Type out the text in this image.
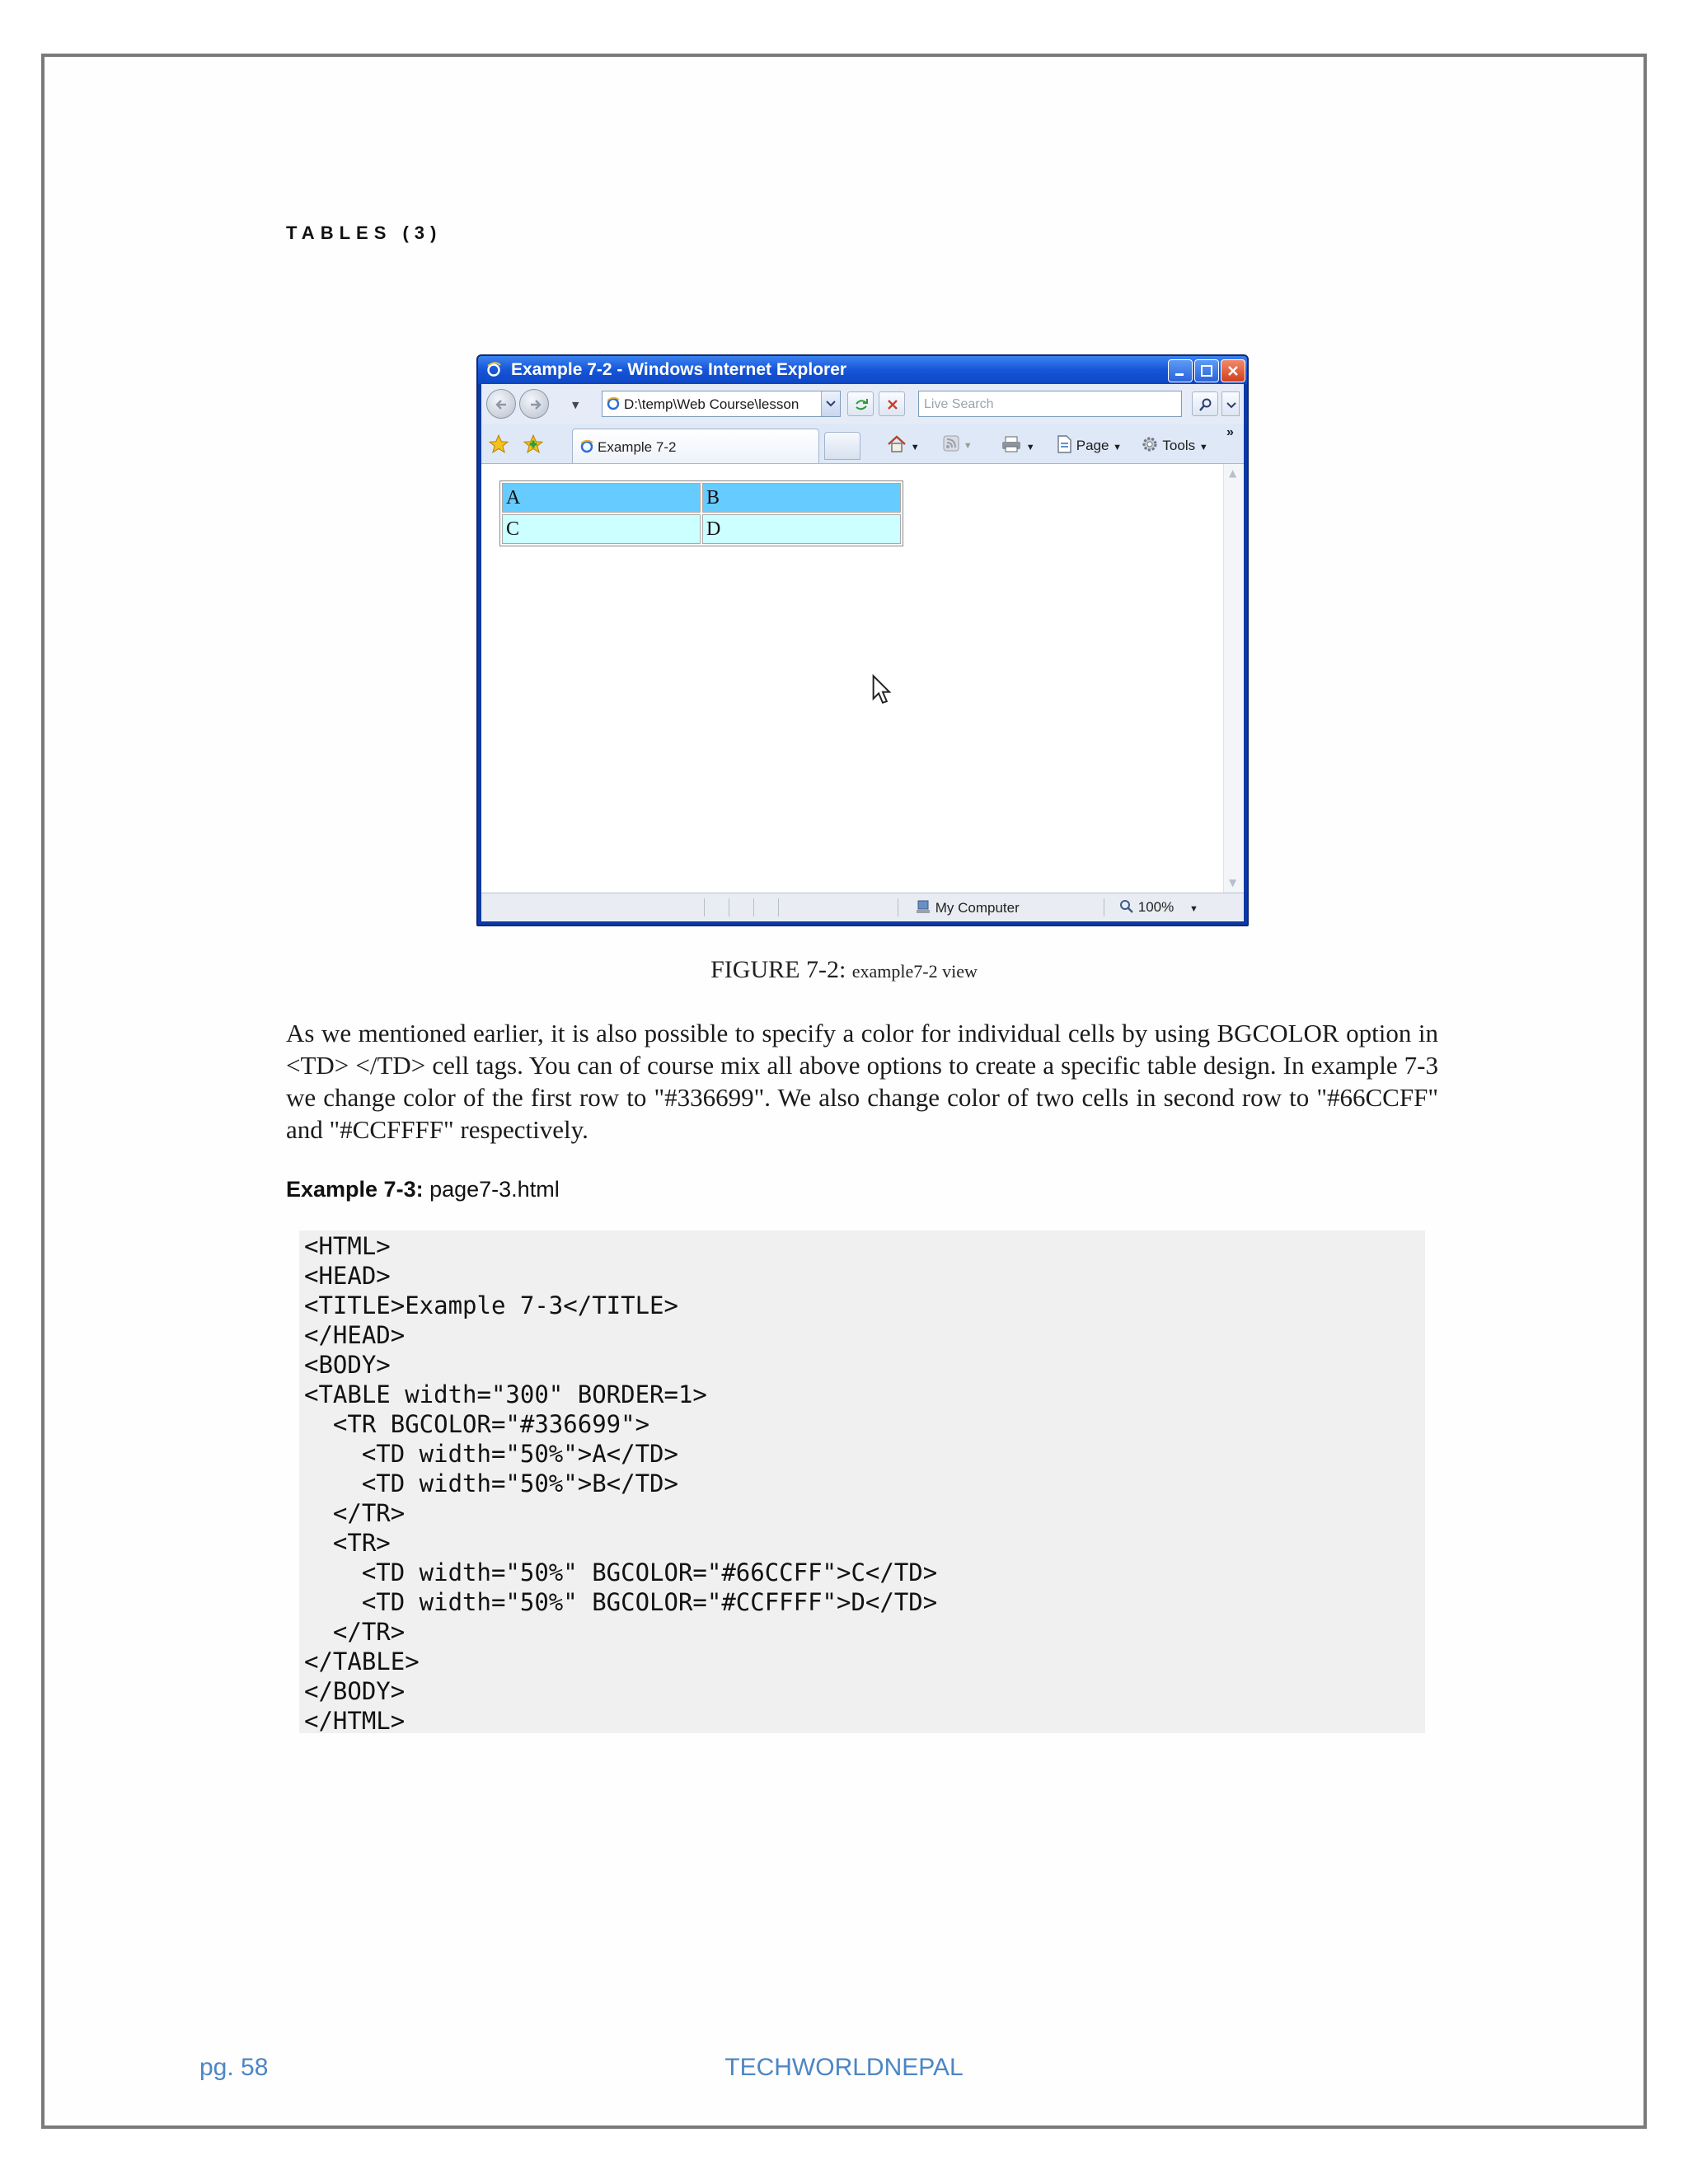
TABLES (3)
Example 7-2 - Windows Internet Explorer
▼	D:\temp\Web Course\lesson	Live Search
Example 7-2	▼	▼	▼	Page ▼	Tools ▼
»
A	B
C	D
▲
▼
My Computer	100% ▼
FIGURE 7-2: example7-2 view
As we mentioned earlier, it is also possible to specify a color for individual cells by using BGCOLOR option in <TD> </TD> cell tags. You can of course mix all above options to create a specific table design. In example 7-3 we change color of the first row to "#336699". We also change color of two cells in second row to "#66CCFF" and "#CCFFFF" respectively.
Example 7-3: page7-3.html
<HTML>
<HEAD>
<TITLE>Example 7-3</TITLE>
</HEAD>
<BODY>
<TABLE width="300" BORDER=1>
<TR BGCOLOR="#336699">
<TD width="50%">A</TD>
<TD width="50%">B</TD>
</TR>
<TR>
<TD width="50%" BGCOLOR="#66CCFF">C</TD>
<TD width="50%" BGCOLOR="#CCFFFF">D</TD>
</TR>
</TABLE>
</BODY>
</HTML>
pg. 58	TECHWORLDNEPAL
